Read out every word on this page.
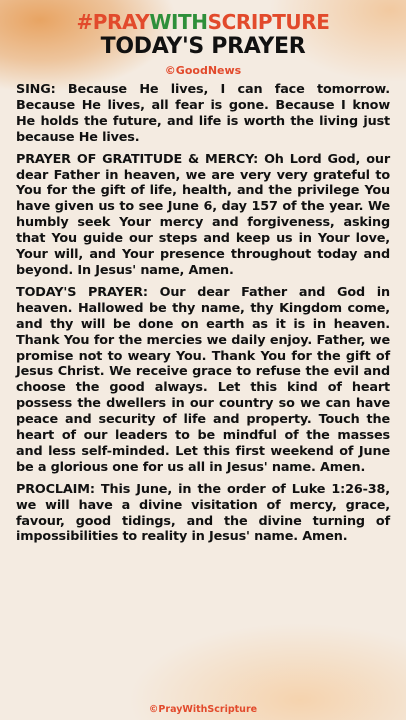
#PRAYWITHSCRIPTURE
TODAY'S PRAYER
©GoodNews

SING: Because He lives, I can face tomorrow. Because He lives, all fear is gone. Because I know He holds the future, and life is worth the living just because He lives.

PRAYER OF GRATITUDE & MERCY: Oh Lord God, our dear Father in heaven, we are very very grateful to You for the gift of life, health, and the privilege You have given us to see June 6, day 157 of the year. We humbly seek Your mercy and forgiveness, asking that You guide our steps and keep us in Your love, Your will, and Your presence throughout today and beyond. In Jesus' name, Amen.

TODAY'S PRAYER: Our dear Father and God in heaven. Hallowed be thy name, thy Kingdom come, and thy will be done on earth as it is in heaven. Thank You for the mercies we daily enjoy. Father, we promise not to weary You. Thank You for the gift of Jesus Christ. We receive grace to refuse the evil and choose the good always. Let this kind of heart possess the dwellers in our country so we can have peace and security of life and property. Touch the heart of our leaders to be mindful of the masses and less self-minded. Let this first weekend of June be a glorious one for us all in Jesus' name. Amen.

PROCLAIM: This June, in the order of Luke 1:26-38, we will have a divine visitation of mercy, grace, favour, good tidings, and the divine turning of impossibilities to reality in Jesus' name. Amen.

©PrayWithScripture
